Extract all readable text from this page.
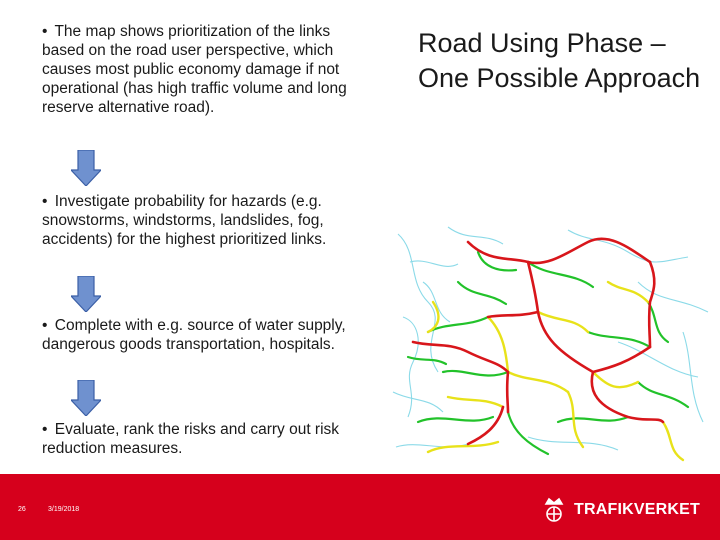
• The map shows prioritization of the links based on the road user perspective, which causes most public economy damage if not operational (has high traffic volume and long reserve alternative road).
• Investigate probability for hazards (e.g. snowstorms, windstorms, landslides, fog, accidents) for the highest prioritized links.
• Complete with e.g. source of water supply, dangerous goods transportation, hospitals.
• Evaluate, rank the risks and carry out risk reduction measures.
Road Using Phase – One Possible Approach
26	3/19/2018	TRAFIKVERKET
